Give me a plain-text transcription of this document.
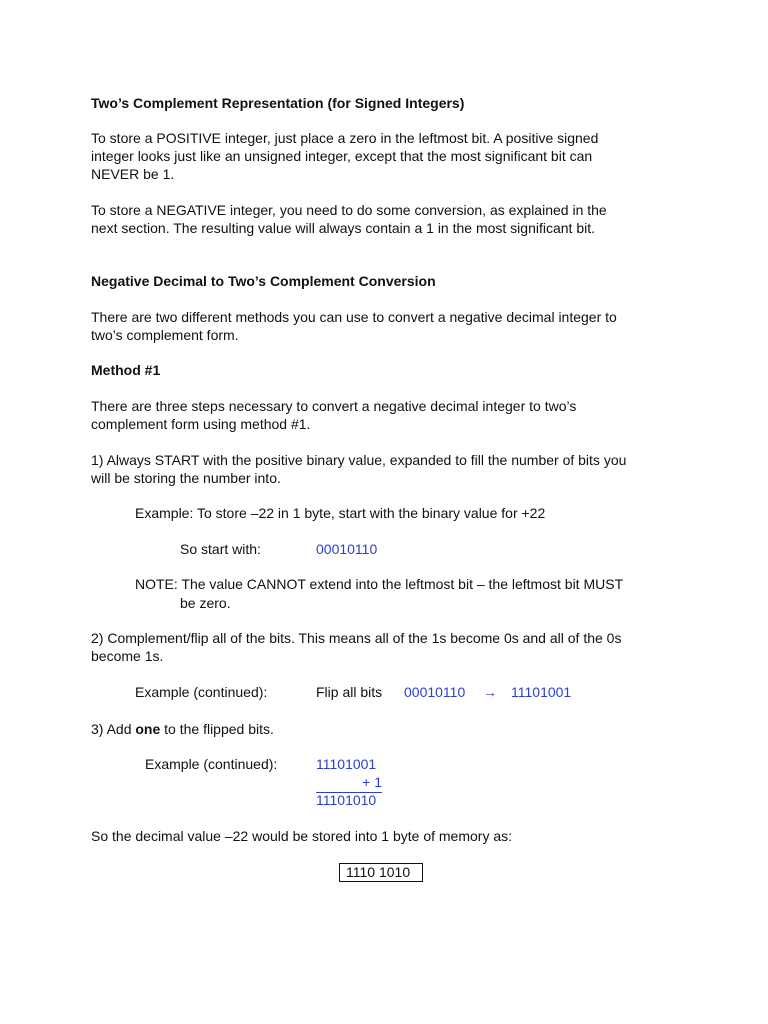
Two’s Complement Representation (for Signed Integers)
To store a POSITIVE integer, just place a zero in the leftmost bit. A positive signed
integer looks just like an unsigned integer, except that the most significant bit can
NEVER be 1.
To store a NEGATIVE integer, you need to do some conversion, as explained in the
next section. The resulting value will always contain a 1 in the most significant bit.
Negative Decimal to Two’s Complement Conversion
There are two different methods you can use to convert a negative decimal integer to
two’s complement form.
Method #1
There are three steps necessary to convert a negative decimal integer to two’s
complement form using method #1.
1) Always START with the positive binary value, expanded to fill the number of bits you
will be storing the number into.
Example: To store –22 in 1 byte, start with the binary value for +22
So start with:	00010110
NOTE: The value CANNOT extend into the leftmost bit – the leftmost bit MUST
be zero.
2) Complement/flip all of the bits. This means all of the 1s become 0s and all of the 0s
become 1s.
Example (continued):	Flip all bits 00010110 → 11101001
3) Add one to the flipped bits.
Example (continued):	11101001
+ 1
11101010
So the decimal value –22 would be stored into 1 byte of memory as:
1110 1010
